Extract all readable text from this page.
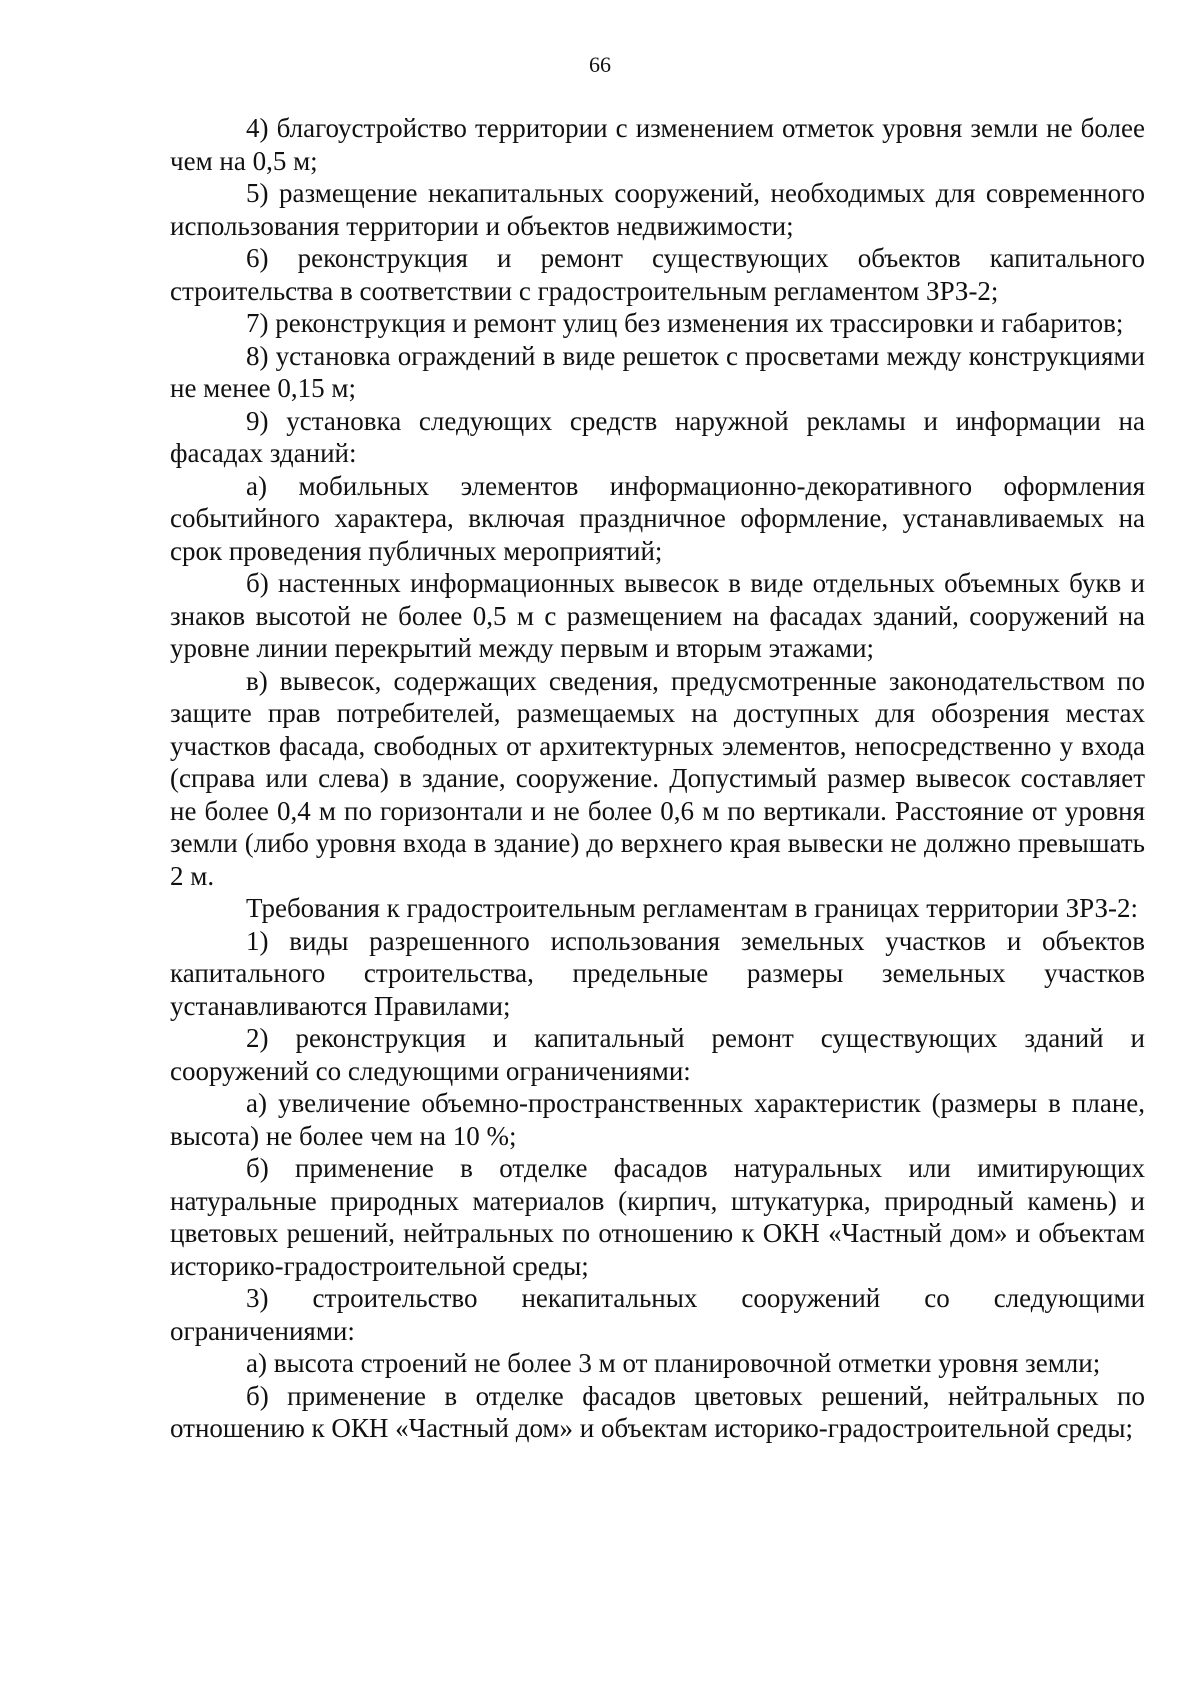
66

4) благоустройство территории с изменением отметок уровня земли не более чем на 0,5 м;

5) размещение некапитальных сооружений, необходимых для современного использования территории и объектов недвижимости;

6) реконструкция и ремонт существующих объектов капитального строительства в соответствии с градостроительным регламентом ЗРЗ-2;

7) реконструкция и ремонт улиц без изменения их трассировки и габаритов;

8) установка ограждений в виде решеток с просветами между конструкциями не менее 0,15 м;

9) установка следующих средств наружной рекламы и информации на фасадах зданий:

а) мобильных элементов информационно-декоративного оформления событийного характера, включая праздничное оформление, устанавливаемых на срок проведения публичных мероприятий;

б) настенных информационных вывесок в виде отдельных объемных букв и знаков высотой не более 0,5 м с размещением на фасадах зданий, сооружений на уровне линии перекрытий между первым и вторым этажами;

в) вывесок, содержащих сведения, предусмотренные законодательством по защите прав потребителей, размещаемых на доступных для обозрения местах участков фасада, свободных от архитектурных элементов, непосредственно у входа (справа или слева) в здание, сооружение. Допустимый размер вывесок составляет не более 0,4 м по горизонтали и не более 0,6 м по вертикали. Расстояние от уровня земли (либо уровня входа в здание) до верхнего края вывески не должно превышать 2 м.

Требования к градостроительным регламентам в границах территории ЗРЗ-2:

1) виды разрешенного использования земельных участков и объектов капитального строительства, предельные размеры земельных участков устанавливаются Правилами;

2) реконструкция и капитальный ремонт существующих зданий и сооружений со следующими ограничениями:

а) увеличение объемно-пространственных характеристик (размеры в плане, высота) не более чем на 10 %;

б) применение в отделке фасадов натуральных или имитирующих натуральные природных материалов (кирпич, штукатурка, природный камень) и цветовых решений, нейтральных по отношению к ОКН «Частный дом» и объектам историко-градостроительной среды;

3) строительство некапитальных сооружений со следующими ограничениями:

а) высота строений не более 3 м от планировочной отметки уровня земли;

б) применение в отделке фасадов цветовых решений, нейтральных по отношению к ОКН «Частный дом» и объектам историко-градостроительной среды;
